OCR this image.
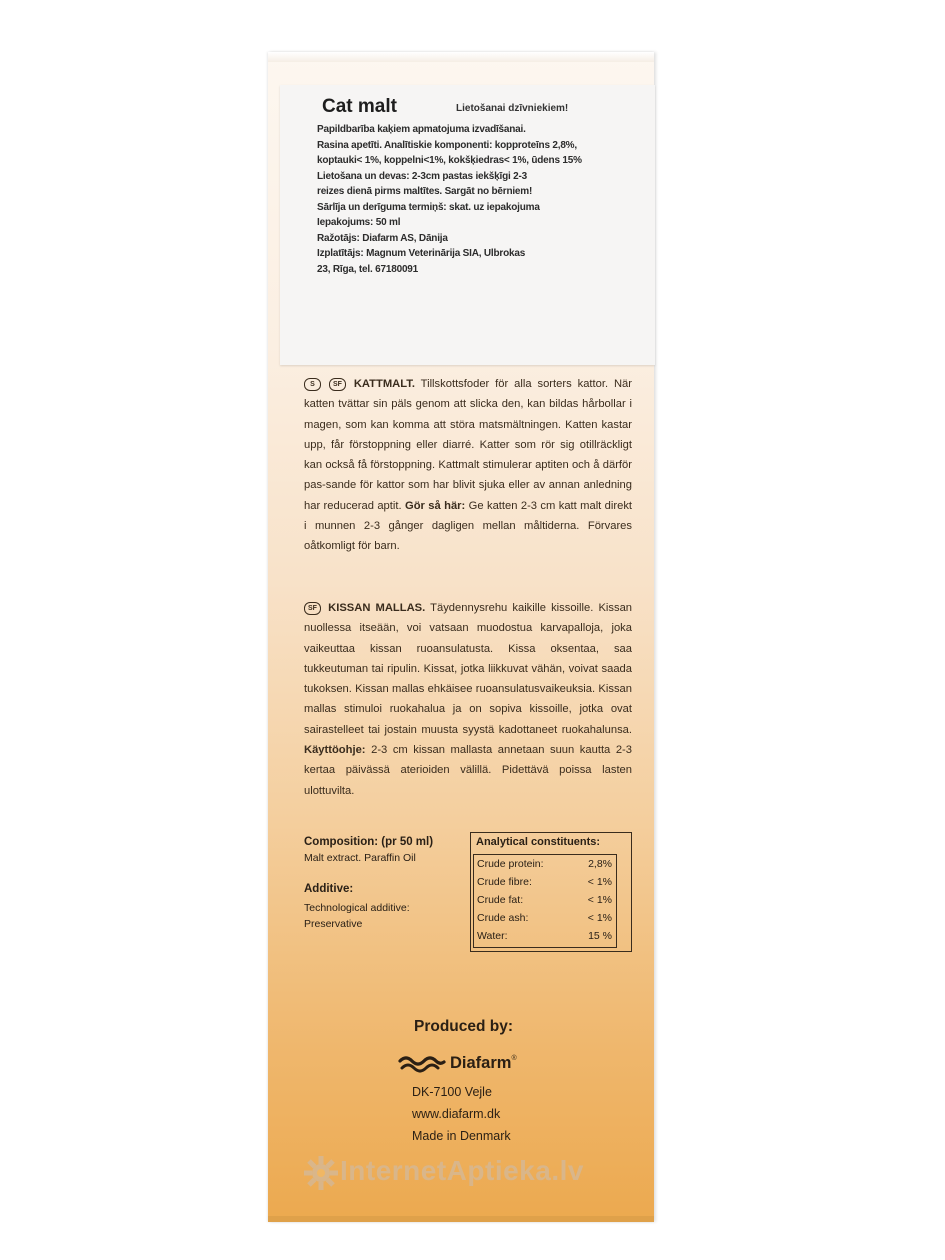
Cat malt	Lietošanai dzīvniekiem!
Papildbarība kaķiem apmatojuma izvadīšanai.
Rasina apetīti. Analītiskie komponenti: kopproteīns 2,8%,
koptauki< 1%, koppelni<1%, kokšķiedras< 1%, ūdens 15%
Lietošana un devas: 2-3cm pastas iekšķīgi 2-3
reizes dienā pirms maltītes. Sargāt no bērniem!
Sārlīja un derīguma termiņš: skat. uz iepakojuma
Iepakojums: 50 ml
Ražotājs: Diafarm AS, Dānija
Izplatītājs: Magnum Veterinārija SIA, Ulbrokas
23, Rīga, tel. 67180091
S	SF KATTMALT. Tillskottsfoder för alla sorters kattor. När katten tvättar sin päls genom att slicka den, kan bildas hårbollar i magen, som kan komma att störa matsmältningen. Katten kastar upp, får förstoppning eller diarré. Katter som rör sig otillräckligt kan också få förstoppning. Kattmalt stimulerar aptiten och å därför pas-sande för kattor som har blivit sjuka eller av annan anledning har reducerad aptit. Gör så här: Ge katten 2-3 cm katt malt direkt i munnen 2-3 gånger dagligen mellan måltiderna. Förvares oåtkomligt för barn.
SF KISSAN MALLAS. Täydennysrehu kaikille kissoille. Kissan nuollessa itseään, voi vatsaan muodostua karvapalloja, joka vaikeuttaa kissan ruoansulatusta. Kissa oksentaa, saa tukkeutuman tai ripulin. Kissat, jotka liikkuvat vähän, voivat saada tukoksen. Kissan mallas ehkäisee ruoansulatusvaikeuksia. Kissan mallas stimuloi ruokahalua ja on sopiva kissoille, jotka ovat sairastelleet tai jostain muusta syystä kadottaneet ruokahalunsa. Käyttöohje: 2-3 cm kissan mallasta annetaan suun kautta 2-3 kertaa päivässä aterioiden välillä. Pidettävä poissa lasten ulottuvilta.
Composition: (pr 50 ml)
Malt extract. Paraffin Oil
Additive:
Technological additive:
Preservative
Analytical constituents:
Crude protein:	2,8%
Crude fibre:	< 1%
Crude fat:	< 1%
Crude ash:	< 1%
Water:	15 %
Produced by:
Diafarm®
DK-7100 Vejle
www.diafarm.dk
Made in Denmark
InternetAptieka.lv
